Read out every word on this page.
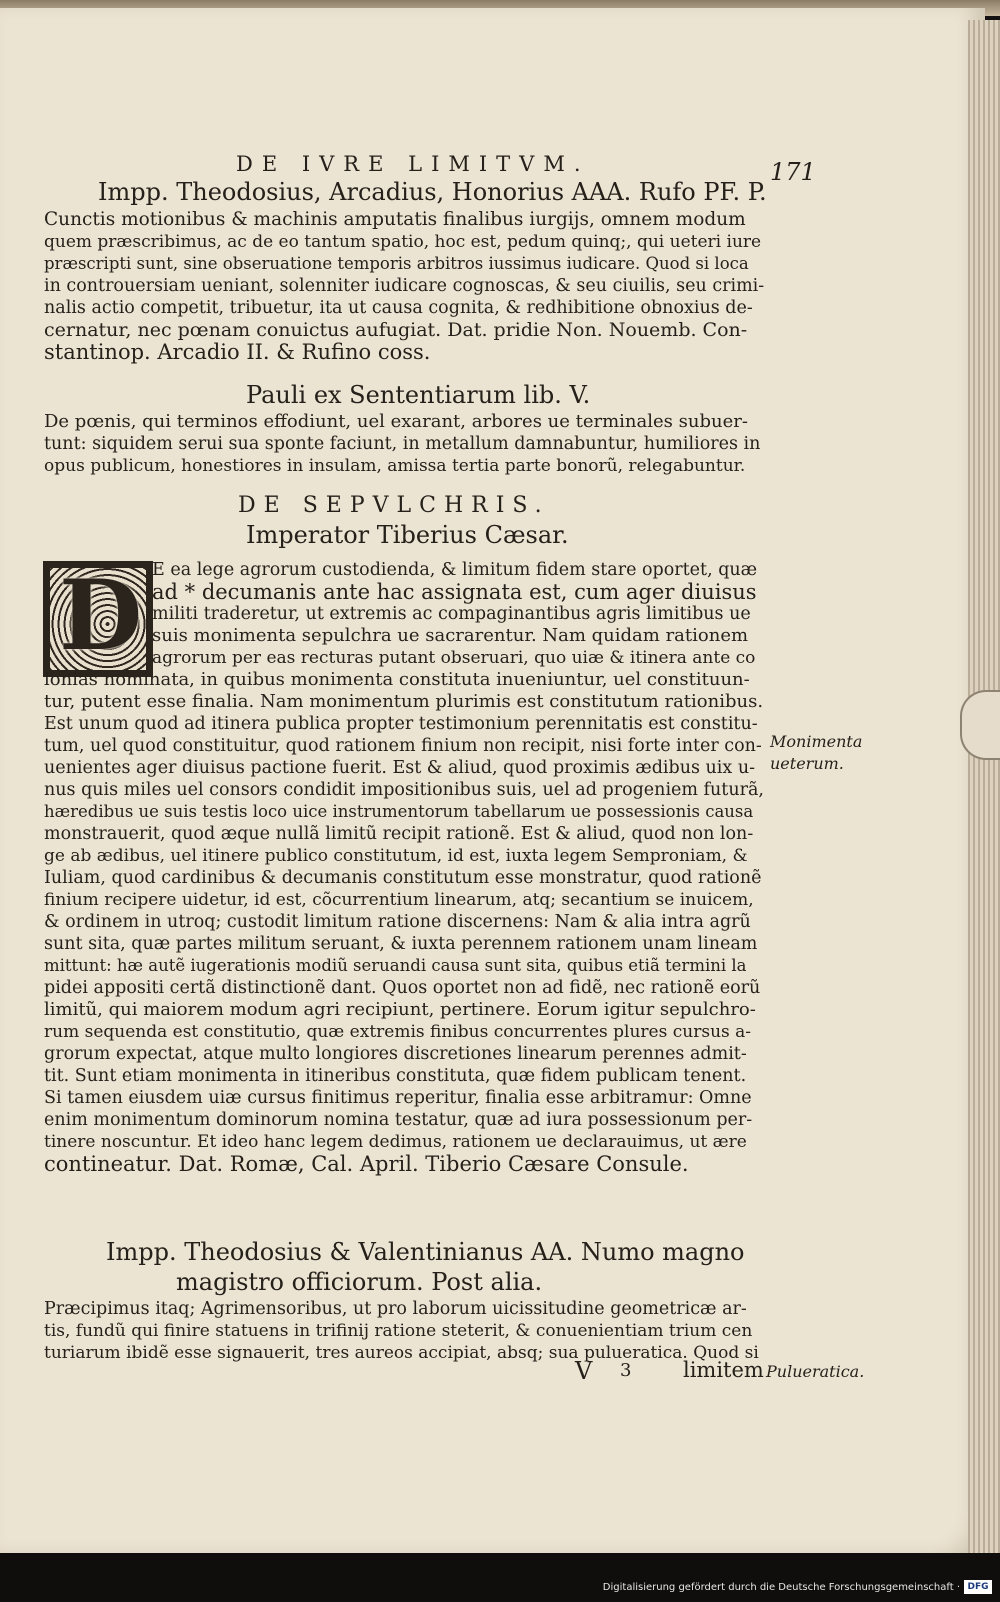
DE IVRE LIMITVM.	171
Impp. Theodosius, Arcadius, Honorius AAA. Rufo PF. P.
Cunctis motionibus & machinis amputatis finalibus iurgijs, omnem modum
quem præscribimus, ac de eo tantum spatio, hoc est, pedum quinq;, qui ueteri iure
præscripti sunt, sine obseruatione temporis arbitros iussimus iudicare. Quod si loca
in controuersiam ueniant, solenniter iudicare cognoscas, & seu ciuilis, seu crimi-
nalis actio competit, tribuetur, ita ut causa cognita, & redhibitione obnoxius de-
cernatur, nec pœnam conuictus aufugiat. Dat. pridie Non. Nouemb. Con-
stantinop. Arcadio II. & Rufino coss.
Pauli ex Sententiarum lib. V.
De pœnis, qui terminos effodiunt, uel exarant, arbores ue terminales subuer-
tunt: siquidem serui sua sponte faciunt, in metallum damnabuntur, humiliores in
opus publicum, honestiores in insulam, amissa tertia parte bonorũ, relegabuntur.
DE SEPVLCHRIS.
Imperator Tiberius Cæsar.
D E ea lege agrorum custodienda, & limitum fidem stare oportet, quæ
ad * decumanis ante hac assignata est, cum ager diuisus
militi traderetur, ut extremis ac compaginantibus agris limitibus ue
suis monimenta sepulchra ue sacrarentur. Nam quidam rationem
agrorum per eas recturas putant obseruari, quo uiæ & itinera ante co
lonias nominata, in quibus monimenta constituta inueniuntur, uel constituun-
tur, putent esse finalia. Nam monimentum plurimis est constitutum rationibus.
Est unum quod ad itinera publica propter testimonium perennitatis est constitu-
tum, uel quod constituitur, quod rationem finium non recipit, nisi forte inter con-
uenientes ager diuisus pactione fuerit. Est & aliud, quod proximis ædibus uix u-
nus quis miles uel consors condidit impositionibus suis, uel ad progeniem futurã,
hæredibus ue suis testis loco uice instrumentorum tabellarum ue possessionis causa
monstrauerit, quod æque nullã limitũ recipit rationẽ. Est & aliud, quod non lon-
ge ab ædibus, uel itinere publico constitutum, id est, iuxta legem Semproniam, &
Iuliam, quod cardinibus & decumanis constitutum esse monstratur, quod rationẽ
finium recipere uidetur, id est, cõcurrentium linearum, atq; secantium se inuicem,
& ordinem in utroq; custodit limitum ratione discernens: Nam & alia intra agrũ
sunt sita, quæ partes militum seruant, & iuxta perennem rationem unam lineam
mittunt: hæ autẽ iugerationis modiũ seruandi causa sunt sita, quibus etiã termini la
pidei appositi certã distinctionẽ dant. Quos oportet non ad fidẽ, nec rationẽ eorũ
limitũ, qui maiorem modum agri recipiunt, pertinere. Eorum igitur sepulchro-
rum sequenda est constitutio, quæ extremis finibus concurrentes plures cursus a-
grorum expectat, atque multo longiores discretiones linearum perennes admit-
tit. Sunt etiam monimenta in itineribus constituta, quæ fidem publicam tenent.
Si tamen eiusdem uiæ cursus finitimus reperitur, finalia esse arbitramur: Omne
enim monimentum dominorum nomina testatur, quæ ad iura possessionum per-
tinere noscuntur. Et ideo hanc legem dedimus, rationem ue declarauimus, ut ære
contineatur. Dat. Romæ, Cal. April. Tiberio Cæsare Consule.
Impp. Theodosius & Valentinianus AA. Numo magno
magistro officiorum. Post alia.
Præcipimus itaq; Agrimensoribus, ut pro laborum uicissitudine geometricæ ar-
tis, fundũ qui finire statuens in trifinij ratione steterit, & conuenientiam trium cen
turiarum ibidẽ esse signauerit, tres aureos accipiat, absq; sua pulueratica. Quod si
Monimenta
ueterum.
Pulueratica.
V 3 limitem
Digitalisierung gefördert durch die Deutsche Forschungsgemeinschaft · DFG
